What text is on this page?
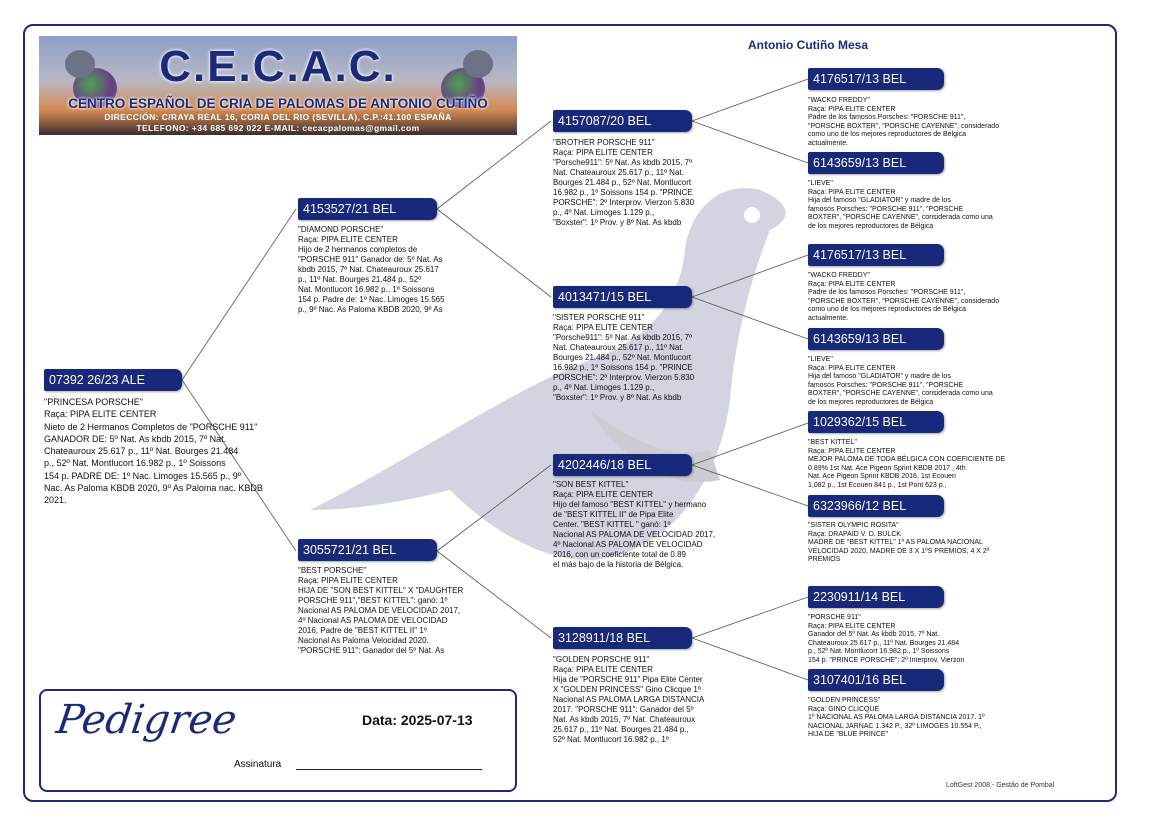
C.E.C.A.C.
CENTRO ESPAÑOL DE CRIA DE PALOMAS DE ANTONIO CUTIÑO
DIRECCIÓN: C/RAYA REAL 16, CORIA DEL RIO (SEVILLA), C.P.:41.100 ESPAÑA
TELEFONO: +34 685 692 022 E-MAIL: cecacpalomas@gmail.com
Antonio Cutiño Mesa
07392 26/23 ALE
"PRINCESA PORSCHE"
Raça: PIPA ELITE CENTER
Nieto de 2 Hermanos Completos de "PORSCHE 911"
GANADOR DE: 5º Nat. As kbdb 2015, 7º Nat.
Chateauroux 25.617 p., 11º Nat. Bourges 21.484
p., 52º Nat. Montlucort 16.982 p., 1º Soissons
154 p. PADRE DE: 1º Nac. Limoges 15.565 p., 9º
Nac. As Paloma KBDB 2020, 9º As Paloma nac. KBDB
2021.
4153527/21 BEL
"DIAMOND PORSCHE"
Raça: PIPA ELITE CENTER
Hijo de 2 hermanos completos de
"PORSCHE 911" Ganador de: 5º Nat. As
kbdb 2015, 7º Nat. Chateauroux 25.617
p., 11º Nat. Bourges 21.484 p., 52º
Nat. Montlucort 16.982 p., 1º Soissons
154 p. Padre de: 1º Nac. Limoges 15.565
p., 9º Nac. As Paloma KBDB 2020, 9º As
3055721/21 BEL
"BEST PORSCHE"
Raça: PIPA ELITE CENTER
HIJA DE "SON BEST KITTEL" X "DAUGHTER
PORSCHE 911","BEST KITTEL": ganó: 1º
Nacional AS PALOMA DE VELOCIDAD 2017,
4º Nacional AS PALOMA DE VELOCIDAD
2016, Padre de "BEST KITTEL II" 1º
Nacional As Paloma Velocidad 2020.
"PORSCHE 911": Ganador del 5º Nat. As
4157087/20 BEL
"BROTHER PORSCHE 911"
Raça: PIPA ELITE CENTER
"Porsche911": 5º Nat. As kbdb 2015, 7º
Nat. Chateauroux 25.617 p., 11º Nat.
Bourges 21.484 p., 52º Nat. Montlucort
16.982 p., 1º Soissons 154 p. "PRINCE
PORSCHE": 2º Interprov. Vierzon 5.830
p., 4º Nat. Limoges 1.129 p.,
"Boxster": 1º Prov. y 8º Nat. As kbdb
4013471/15 BEL
"SISTER PORSCHE 911"
Raça: PIPA ELITE CENTER
"Porsche911": 5º Nat. As kbdb 2015, 7º
Nat. Chateauroux 25.617 p., 11º Nat.
Bourges 21.484 p., 52º Nat. Montlucort
16.982 p., 1º Soissons 154 p. "PRINCE
PORSCHE": 2º Interprov. Vierzon 5.830
p., 4º Nat. Limoges 1.129 p.,
"Boxster": 1º Prov. y 8º Nat. As kbdb
4202446/18 BEL
"SON BEST KITTEL"
Raça: PIPA ELITE CENTER
Hijo del famoso "BEST KITTEL" y hermano
de "BEST KITTEL II" de Pipa Elite
Center. "BEST KITTEL " ganó: 1º
Nacional AS PALOMA DE VELOCIDAD 2017,
4º Nacional AS PALOMA DE VELOCIDAD
2016, con un coeficiente total de 0.89
el más bajo de la historia de Bélgica.
3128911/18 BEL
"GOLDEN PORSCHE 911"
Raça: PIPA ELITE CENTER
Hija de "PORSCHE 911" Pipa Elite Center
X "GOLDEN PRINCESS" Gino Clicque 1º
Nacional AS PALOMA LARGA DISTANCIA
2017. "PORSCHE 911": Ganador del 5º
Nat. As kbdb 2015, 7º Nat. Chateauroux
25.617 p., 11º Nat. Bourges 21.484 p.,
52º Nat. Montlucort 16.982 p., 1º
4176517/13 BEL
"WACKO FREDDY"
Raça: PIPA ELITE CENTER
Padre de los famosos Porsches: "PORSCHE 911",
"PORSCHE BOXTER", "PORSCHE CAYENNE", considerado
como uno de los mejores reproductores de Bélgica
actualmente.
6143659/13 BEL
"LIEVE"
Raça: PIPA ELITE CENTER
Hija del famoso "GLADIATOR" y madre de los
famosos Porsches: "PORSCHE 911", "PORSCHE
BOXTER", "PORSCHE CAYENNE", considerada como una
de los mejores reproductores de Bélgica
4176517/13 BEL
"WACKO FREDDY"
Raça: PIPA ELITE CENTER
Padre de los famosos Porsches: "PORSCHE 911",
"PORSCHE BOXTER", "PORSCHE CAYENNE", considerado
como uno de los mejores reproductores de Bélgica
actualmente.
6143659/13 BEL
"LIEVE"
Raça: PIPA ELITE CENTER
Hija del famoso "GLADIATOR" y madre de los
famosos Porsches: "PORSCHE 911", "PORSCHE
BOXTER", "PORSCHE CAYENNE", considerada como una
de los mejores reproductores de Bélgica
1029362/15 BEL
"BEST KITTEL"
Raça: PIPA ELITE CENTER
MEJOR PALOMA DE TODA BÉLGICA CON COEFICIENTE DE
0.89% 1st Nat. Ace Pigeon Sprint KBDB 2017 , 4th
Nat. Ace Pigeon Sprint KBDB 2016, 1st Ecouen
1,082 p., 1st Ecouen 841 p., 1st Pont 623 p.,
6323966/12 BEL
"SISTER OLYMPIC ROSITA"
Raça: DRAPAID V. D. BULCK
MADRE DE "BEST KITTEL" 1º AS PALOMA NACIONAL
VELOCIDAD 2020, MADRE DE 3 X 1ºS PREMIOS, 4 X 2º
PREMIOS
2230911/14 BEL
"PORSCHE 911"
Raça: PIPA ELITE CENTER
Ganador del 5º Nat. As kbdb 2015, 7º Nat.
Chateauroux 25.617 p., 11º Nat. Bourges 21.484
p., 52º Nat. Montlucort 16.982 p., 1º Soissons
154 p. "PRINCE PORSCHE": 2º Interprov. Vierzon
3107401/16 BEL
"GOLDEN PRINCESS"
Raça: GINO CLICQUE
1º NACIONAL AS PALOMA LARGA DISTANCIA 2017. 1º
NACIONAL JARNAC 1.342 P., 32º LIMOGES 10.554 P.,
HIJA DE "BLUE PRINCE"
Pedigree	Data: 2025-07-13
Assinatura
LoftGest 2008 - Gestão de Pombal
